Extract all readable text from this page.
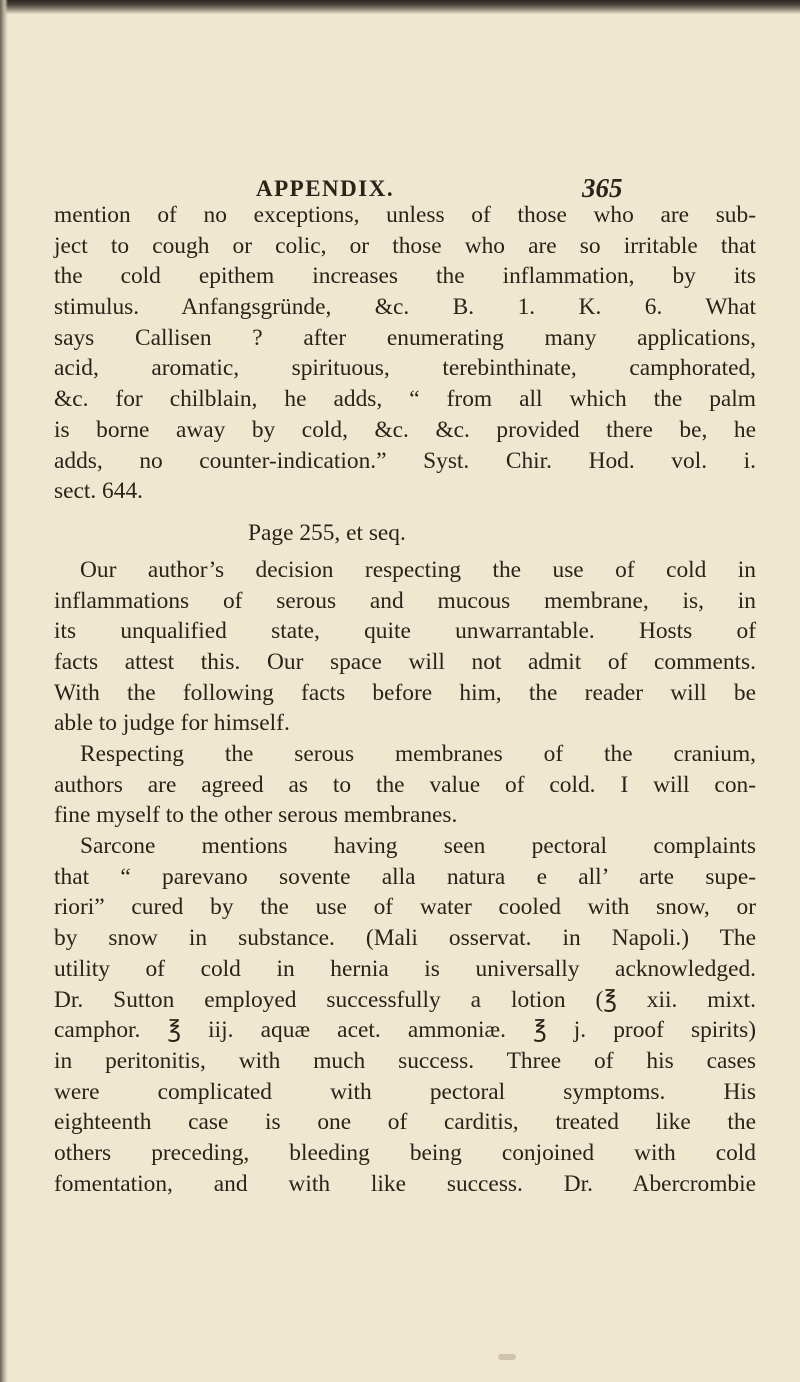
APPENDIX.	365
mention of no exceptions, unless of those who are sub-
ject to cough or colic, or those who are so irritable that
the cold epithem increases the inflammation, by its
stimulus. Anfangsgründe, &c. B. 1. K. 6. What
says Callisen ? after enumerating many applications,
acid, aromatic, spirituous, terebinthinate, camphorated,
&c. for chilblain, he adds, “ from all which the palm
is borne away by cold, &c. &c. provided there be, he
adds, no counter-indication.” Syst. Chir. Hod. vol. i.
sect. 644.
Page 255, et seq.
Our author’s decision respecting the use of cold in
inflammations of serous and mucous membrane, is, in
its unqualified state, quite unwarrantable. Hosts of
facts attest this. Our space will not admit of comments.
With the following facts before him, the reader will be
able to judge for himself.
Respecting the serous membranes of the cranium,
authors are agreed as to the value of cold. I will con-
fine myself to the other serous membranes.
Sarcone mentions having seen pectoral complaints
that “ parevano sovente alla natura e all’ arte supe-
riori” cured by the use of water cooled with snow, or
by snow in substance. (Mali osservat. in Napoli.) The
utility of cold in hernia is universally acknowledged.
Dr. Sutton employed successfully a lotion (℥ xii. mixt.
camphor. ℥ iij. aquæ acet. ammoniæ. ℥ j. proof spirits)
in peritonitis, with much success. Three of his cases
were complicated with pectoral symptoms. His
eighteenth case is one of carditis, treated like the
others preceding, bleeding being conjoined with cold
fomentation, and with like success. Dr. Abercrombie
